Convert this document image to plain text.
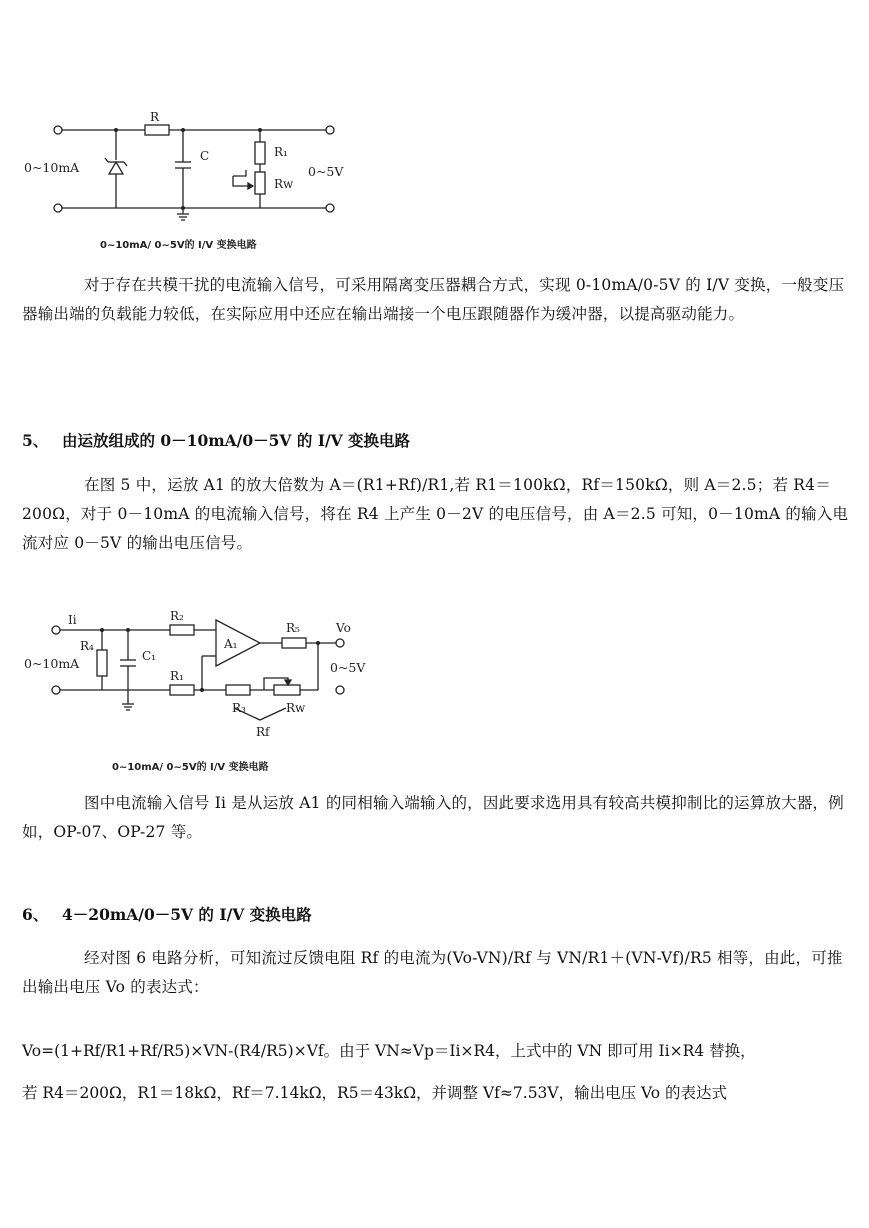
R
C	R₁
Rᴡ
0~10mA	0~5V
0~10mA/ 0~5V的 I/V 变换电路
对于存在共模干扰的电流输入信号，可采用隔离变压器耦合方式，实现 0-10mA/0-5V 的 I/V 变换，一般变压器输出端的负载能力较低，在实际应用中还应在输出端接一个电压跟随器作为缓冲器，以提高驱动能力。
5、 由运放组成的 0－10mA/0－5V 的 I/V 变换电路
在图 5 中，运放 A1 的放大倍数为 A＝(R1+Rf)/R1,若 R1＝100kΩ，Rf＝150kΩ，则 A＝2.5；若 R4＝200Ω，对于 0－10mA 的电流输入信号，将在 R4 上产生 0－2V 的电压信号，由 A＝2.5 可知，0－10mA 的输入电流对应 0－5V 的输出电压信号。
Ii	R₂
R₄
C₁
A₁
R₅	Vo
R₁
R₃	Rᴡ
Rf
0~10mA	0~5V
0~10mA/ 0~5V的 I/V 变换电路
图中电流输入信号 Ii 是从运放 A1 的同相输入端输入的，因此要求选用具有较高共模抑制比的运算放大器，例如，OP-07、OP-27 等。
6、 4－20mA/0－5V 的 I/V 变换电路
经对图 6 电路分析，可知流过反馈电阻 Rf 的电流为(Vo-VN)/Rf 与 VN/R1＋(VN-Vf)/R5 相等，由此，可推出输出电压 Vo 的表达式：
Vo=(1+Rf/R1+Rf/R5)×VN-(R4/R5)×Vf。由于 VN≈Vp＝Ii×R4，上式中的 VN 即可用 Ii×R4 替换，
若 R4＝200Ω，R1＝18kΩ，Rf＝7.14kΩ，R5＝43kΩ，并调整 Vf≈7.53V，输出电压 Vo 的表达式
